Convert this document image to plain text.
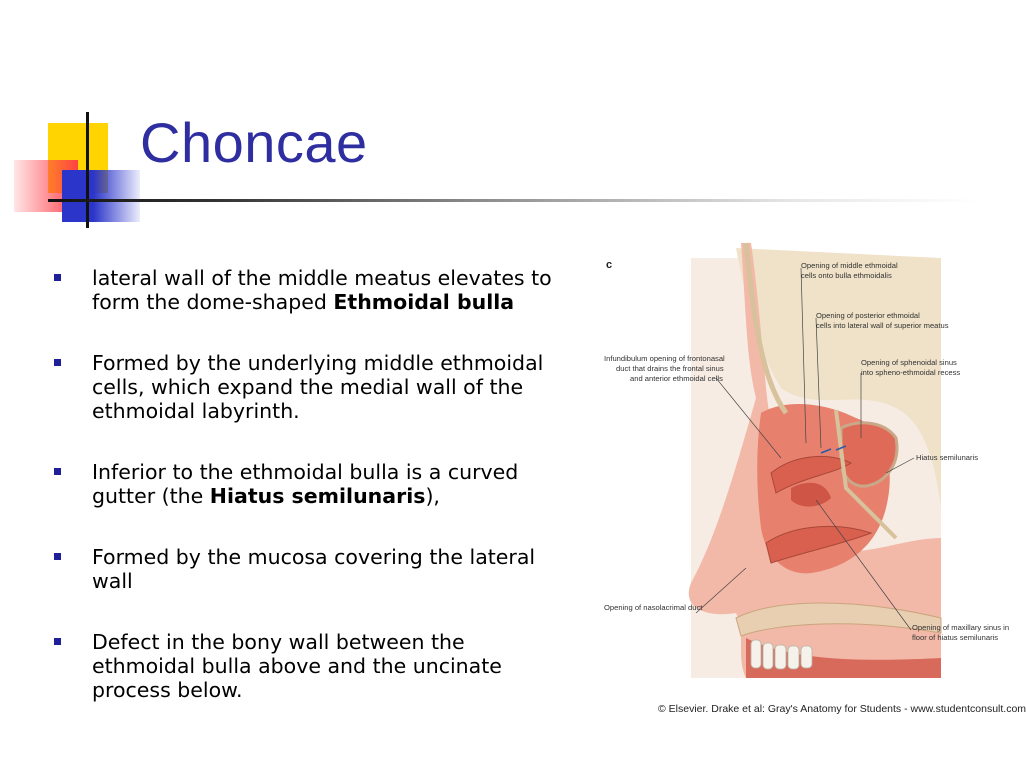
Choncae
lateral wall of the middle meatus elevates to form the dome-shaped Ethmoidal bulla
Formed by the underlying middle ethmoidal cells, which expand the medial wall of the ethmoidal labyrinth.
Inferior to the ethmoidal bulla is a curved gutter (the Hiatus semilunaris),
Formed by the mucosa covering the lateral wall
Defect in the bony wall between the ethmoidal bulla above and the uncinate process below.
c	Opening of middle ethmoidal
cells onto bulla ethmoidalis
Opening of posterior ethmoidal
cells into lateral wall of superior meatus
Infundibulum opening of frontonasal
duct that drains the frontal sinus
and anterior ethmoidal cells
Opening of sphenoidal sinus
into spheno-ethmoidal recess
Hiatus semilunaris
Opening of nasolacrimal duct
Opening of maxillary sinus in
floor of hiatus semilunaris
© Elsevier. Drake et al: Gray's Anatomy for Students - www.studentconsult.com
